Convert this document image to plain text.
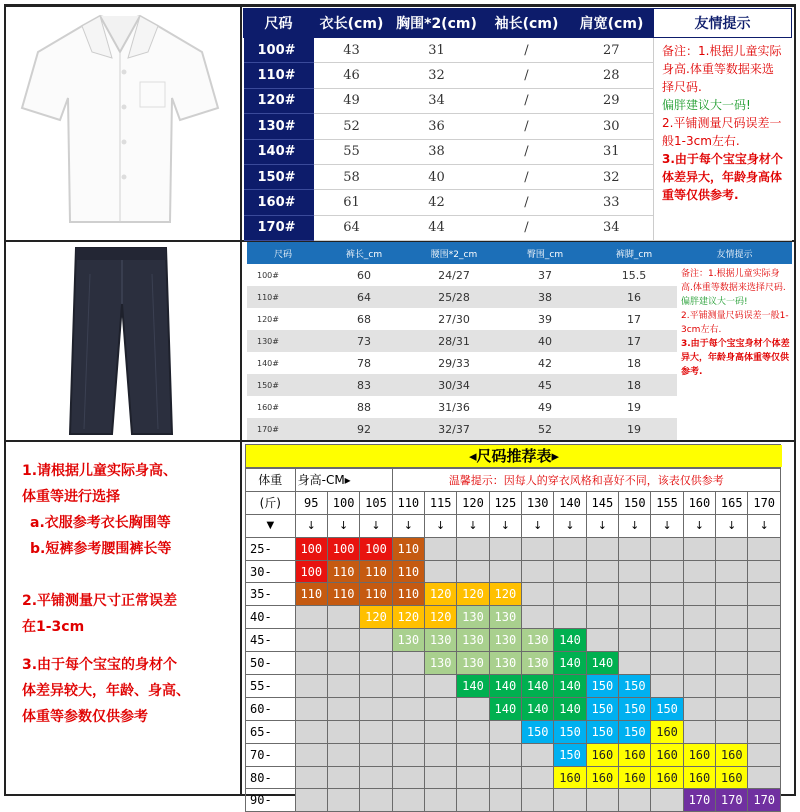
尺码	衣长(cm)	胸围*2(cm)	袖长(cm)	肩宽(cm)	友情提示
100#	43	31	/	27	备注：1.根据儿童实际身高.体重等数据来选择尺码.
偏胖建议大一码!
2.平铺测量尺码误差一般1-3cm左右.
3.由于每个宝宝身材个体差异大，年龄身高体重等仅供参考.
110#	46	32	/	28	
120#	49	34	/	29	
130#	52	36	/	30	
140#	55	38	/	31	
150#	58	40	/	32	
160#	61	42	/	33	
170#	64	44	/	34	
尺码	裤长_cm	腰围*2_cm	臀围_cm	裤脚_cm	友情提示
100#	60	24/27	37	15.5	备注：1.根据儿童实际身高.体重等数据来选择尺码.
偏胖建议大一码!
2.平铺测量尺码误差一般1-3cm左右.
3.由于每个宝宝身材个体差异大，年龄身高体重等仅供参考.
110#	64	25/28	38	16	
120#	68	27/30	39	17	
130#	73	28/31	40	17	
140#	78	29/33	42	18	
150#	83	30/34	45	18	
160#	88	31/36	49	19	
170#	92	32/37	52	19	
1.请根据儿童实际身高、
体重等进行选择
a.衣服参考衣长胸围等
b.短裤参考腰围裤长等
2.平铺测量尺寸正常误差
在1-3cm
3.由于每个宝宝的身材个
体差异较大，年龄、身高、
体重等参数仅供参考
◂尺码推荐表▸
体重	身高-CM▸			温馨提示：因每人的穿衣风格和喜好不同，该表仅供参考											
(斤)	95	100	105	110	115	120	125	130	140	145	150	155	160	165	170
▼	↓	↓	↓	↓	↓	↓	↓	↓	↓	↓	↓	↓	↓	↓	↓
25-	100	100	100	110											
30-	100	110	110	110											
35-	110	110	110	110	120	120	120								
40-			120	120	120	130	130								
45-				130	130	130	130	130	140						
50-					130	130	130	130	140	140					
55-						140	140	140	140	150	150				
60-							140	140	140	150	150	150			
65-								150	150	150	150	160			
70-									150	160	160	160	160	160	
80-									160	160	160	160	160	160	
90-													170	170	170
